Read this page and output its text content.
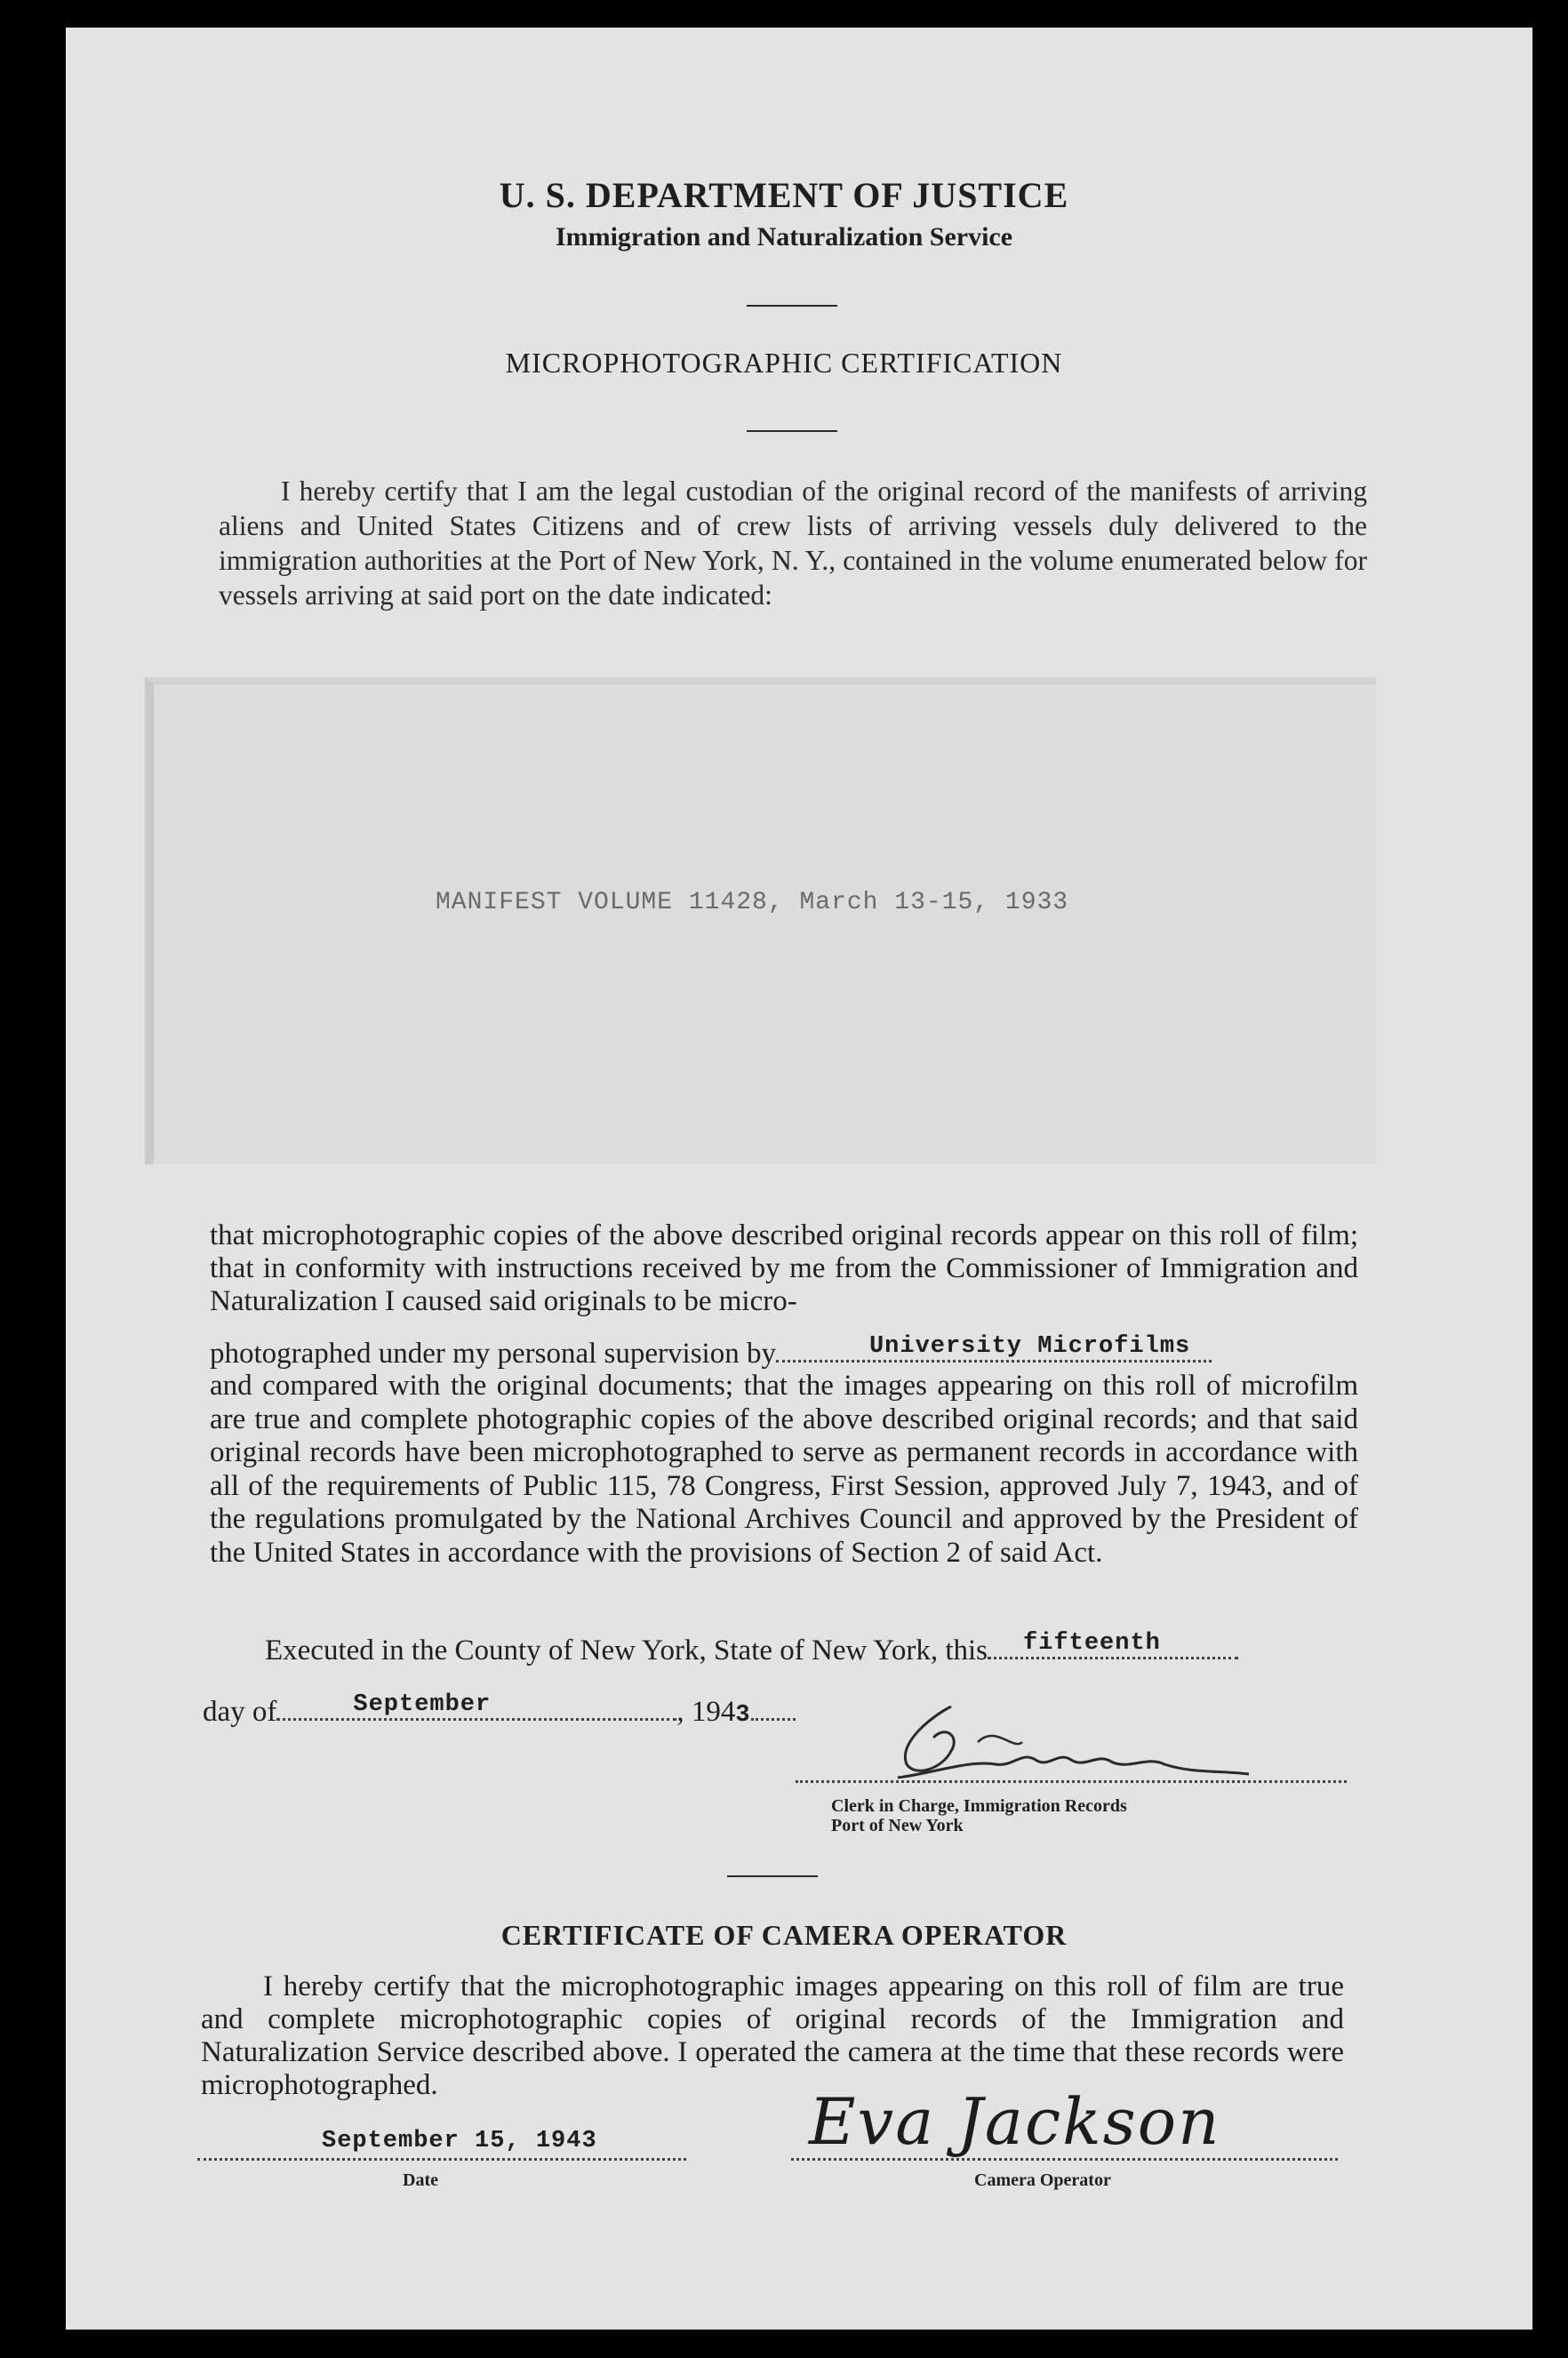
U. S. DEPARTMENT OF JUSTICE
Immigration and Naturalization Service
MICROPHOTOGRAPHIC CERTIFICATION

I hereby certify that I am the legal custodian of the original record of the manifests of arriving aliens and United States Citizens and of crew lists of arriving vessels duly delivered to the immigration authorities at the Port of New York, N. Y., contained in the volume enumerated below for vessels arriving at said port on the date indicated:

MANIFEST VOLUME 11428, March 13-15, 1933

that microphotographic copies of the above described original records appear on this roll of film; that in conformity with instructions received by me from the Commissioner of Immigration and Naturalization I caused said originals to be micro-

photographed under my personal supervision by	University Microfilms

and compared with the original documents; that the images appearing on this roll of microfilm are true and complete photographic copies of the above described original records; and that said original records have been microphotographed to serve as permanent records in accordance with all of the requirements of Public 115, 78 Congress, First Session, approved July 7, 1943, and of the regulations promulgated by the National Archives Council and approved by the President of the United States in accordance with the provisions of Section 2 of said Act.

Executed in the County of New York, State of New York, this fifteenth
day of	September	, 1943
Clerk in Charge, Immigration Records
Port of New York
CERTIFICATE OF CAMERA OPERATOR

I hereby certify that the microphotographic images appearing on this roll of film are true and complete microphotographic copies of original records of the Immigration and Naturalization Service described above. I operated the camera at the time that these records were microphotographed.

September 15, 1943
Date
Eva Jackson
Camera Operator
